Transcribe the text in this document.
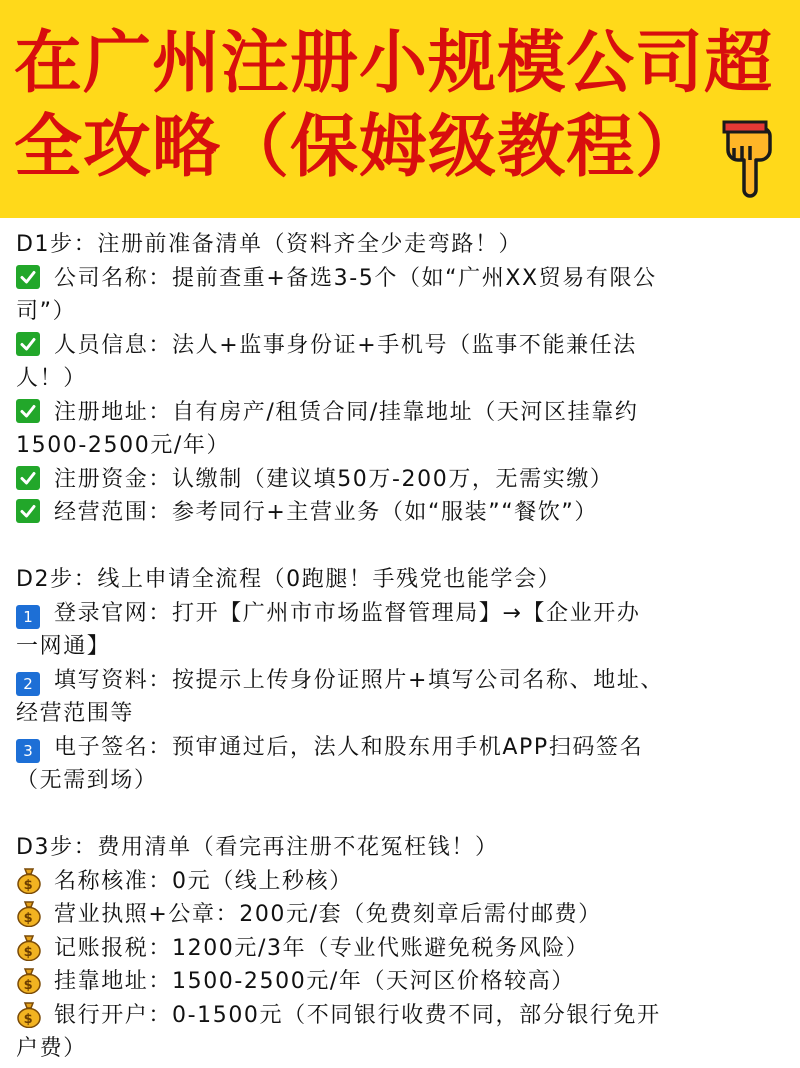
在广州注册小规模公司超
全攻略（保姆级教程）
D1步：注册前准备清单（资料齐全少走弯路！）
公司名称：提前查重+备选3-5个（如“广州XX贸易有限公
司”）
人员信息：法人+监事身份证+手机号（监事不能兼任法
人！）
注册地址：自有房产/租赁合同/挂靠地址（天河区挂靠约
1500-2500元/年）
注册资金：认缴制（建议填50万-200万，无需实缴）
经营范围：参考同行+主营业务（如“服装”“餐饮”）
D2步：线上申请全流程（0跑腿！手残党也能学会）
1 登录官网：打开【广州市市场监督管理局】→【企业开办
一网通】
2 填写资料：按提示上传身份证照片+填写公司名称、地址、
经营范围等
3 电子签名：预审通过后，法人和股东用手机APP扫码签名
（无需到场）
D3步：费用清单（看完再注册不花冤枉钱！）
$ 名称核准：0元（线上秒核）
$ 营业执照+公章：200元/套（免费刻章后需付邮费）
$ 记账报税：1200元/3年（专业代账避免税务风险）
$ 挂靠地址：1500-2500元/年（天河区价格较高）
$ 银行开户：0-1500元（不同银行收费不同，部分银行免开
户费）
